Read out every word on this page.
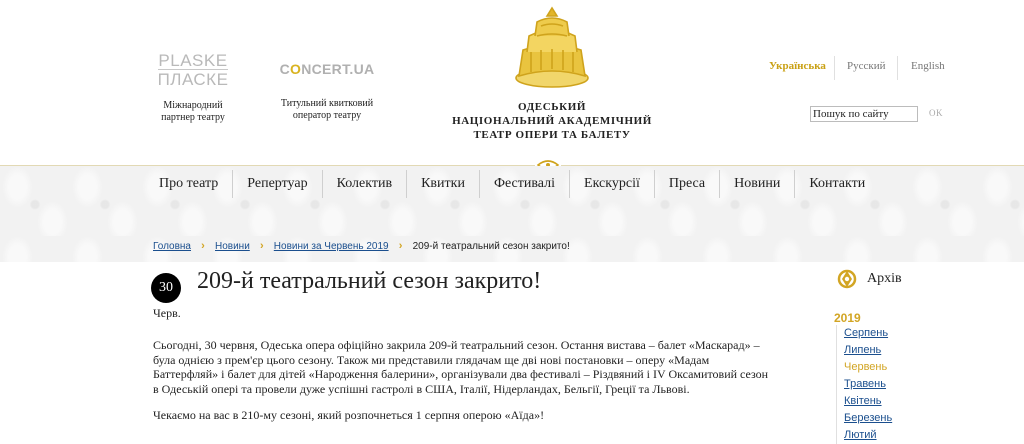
PLASKE
ПЛАСКЕ
Міжнародний партнер театру
CONCERT.UA
Титульний квитковий оператор театру
ОДЕСЬКИЙ
НАЦІОНАЛЬНИЙ АКАДЕМІЧНИЙ
ТЕАТР ОПЕРИ ТА БАЛЕТУ
Українська Русский English
Пошук по сайту
OK
Про театр	Репертуар	Колектив	Квитки	Фестивалі	Екскурсії	Преса	Новини	Контакти
Головна ›	Новини ›	Новини за Червень 2019 ›	209-й театральний сезон закрито!
30
Черв.
209-й театральний сезон закрито!

Сьогодні, 30 червня, Одеська опера офіційно закрила 209-й театральний сезон. Остання вистава – балет «Маскарад» – була однією з прем'єр цього сезону. Також ми представили глядачам ще дві нові постановки – оперу «Мадам Баттерфляй» і балет для дітей «Народження балерини», організували два фестивалі – Різдвяний і IV Оксамитовий сезон в Одеській опері та провели дуже успішні гастролі в США, Італії, Нідерландах, Бельгії, Греції та Львові.

Чекаємо на вас в 210-му сезоні, який розпочнеться 1 серпня оперою «Аїда»!

Архів
2019
Серпень
Липень
Червень
Травень
Квітень
Березень
Лютий
